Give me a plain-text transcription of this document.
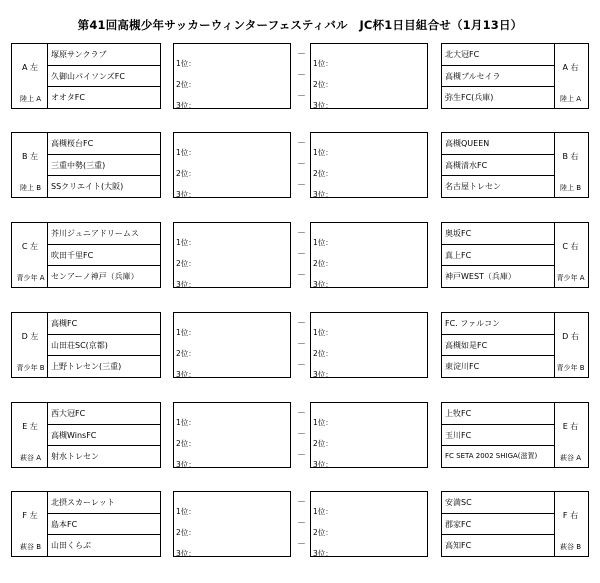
第41回高槻少年サッカーウィンターフェスティバル　JC杯1日目組合せ（1月13日）
A 左
陸上 A
塚原サンクラブ
久御山パイソンズFC
オオタFC
1位：
2位：
3位：
1位：
2位：
3位：
－
－
－
北大冠FC
高槻ブルセイラ
弥生FC(兵庫)
A 右
陸上 A
B 左
陸上 B
高槻桜台FC
三重中勢(三重)
SSクリエイト(大阪)
1位：
2位：
3位：
1位：
2位：
3位：
－
－
－
高槻QUEEN
高槻清水FC
名古屋トレセン
B 右
陸上 B
C 左
青少年 A
芥川ジュニアドリームス
吹田千里FC
センアーノ神戸（兵庫）
1位：
2位：
3位：
1位：
2位：
3位：
－
－
－
奥坂FC
真上FC
神戸WEST（兵庫）
C 右
青少年 A
D 左
青少年 B
高槻FC
山田荘SC(京都)
上野トレセン(三重)
1位：
2位：
3位：
1位：
2位：
3位：
－
－
－
FC. ファルコン
高槻如是FC
東淀川FC
D 右
青少年 B
E 左
萩谷 A
西大冠FC
高槻WinsFC
射水トレセン
1位：
2位：
3位：
1位：
2位：
3位：
－
－
－
上牧FC
玉川FC
FC SETA 2002 SHIGA(滋賀)
E 右
萩谷 A
F 左
萩谷 B
北摂スカーレット
島本FC
山田くらぶ
1位：
2位：
3位：
1位：
2位：
3位：
－
－
－
安満SC
郡家FC
高知FC
F 右
萩谷 B
